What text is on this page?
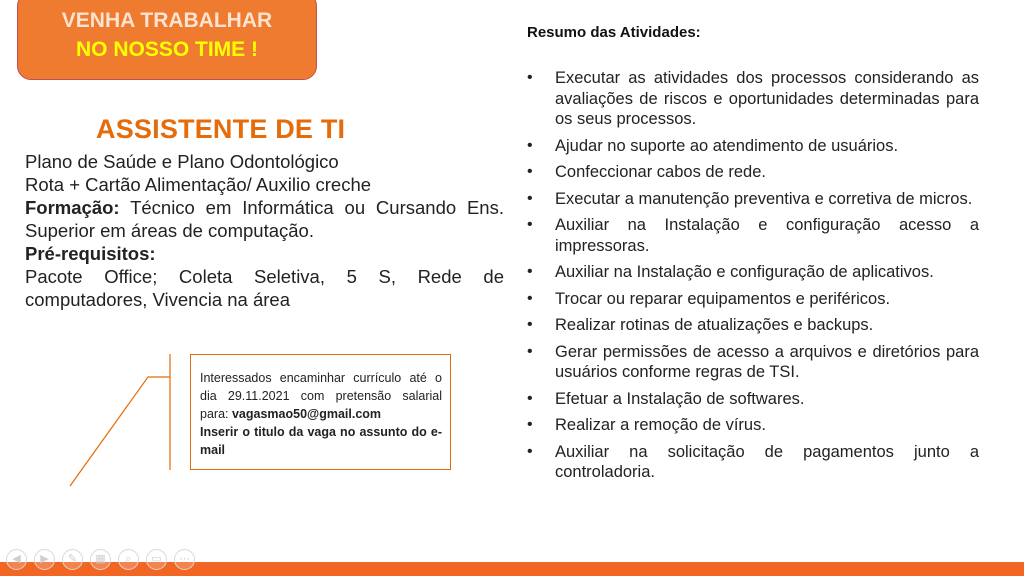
VENHA TRABALHAR
NO NOSSO TIME !
ASSISTENTE DE TI

Plano de Saúde e Plano Odontológico

Rota + Cartão Alimentação/ Auxilio creche

Formação: Técnico em Informática ou Cursando Ens. Superior em áreas de computação.

Pré-requisitos:

Pacote Office; Coleta Seletiva, 5 S, Rede de computadores, Vivencia na área

Interessados encaminhar currículo até o dia 29.11.2021 com pretensão salarial para: vagasmao50@gmail.com
Inserir o titulo da vaga no assunto do e-mail
Resumo das Atividades:
• Executar as atividades dos processos considerando as avaliações de riscos e oportunidades determinadas para os seus processos.
• Ajudar no suporte ao atendimento de usuários.
• Confeccionar cabos de rede.
• Executar a manutenção preventiva e corretiva de micros.
• Auxiliar na Instalação e configuração acesso a impressoras.
• Auxiliar na Instalação e configuração de aplicativos.
• Trocar ou reparar equipamentos e periféricos.
• Realizar rotinas de atualizações e backups.
• Gerar permissões de acesso a arquivos e diretórios para usuários conforme regras de TSI.
• Efetuar a Instalação de softwares.
• Realizar a remoção de vírus.
• Auxiliar na solicitação de pagamentos junto a controladoria.
◀	▶	✎	▦	⌕	▭	⋯
